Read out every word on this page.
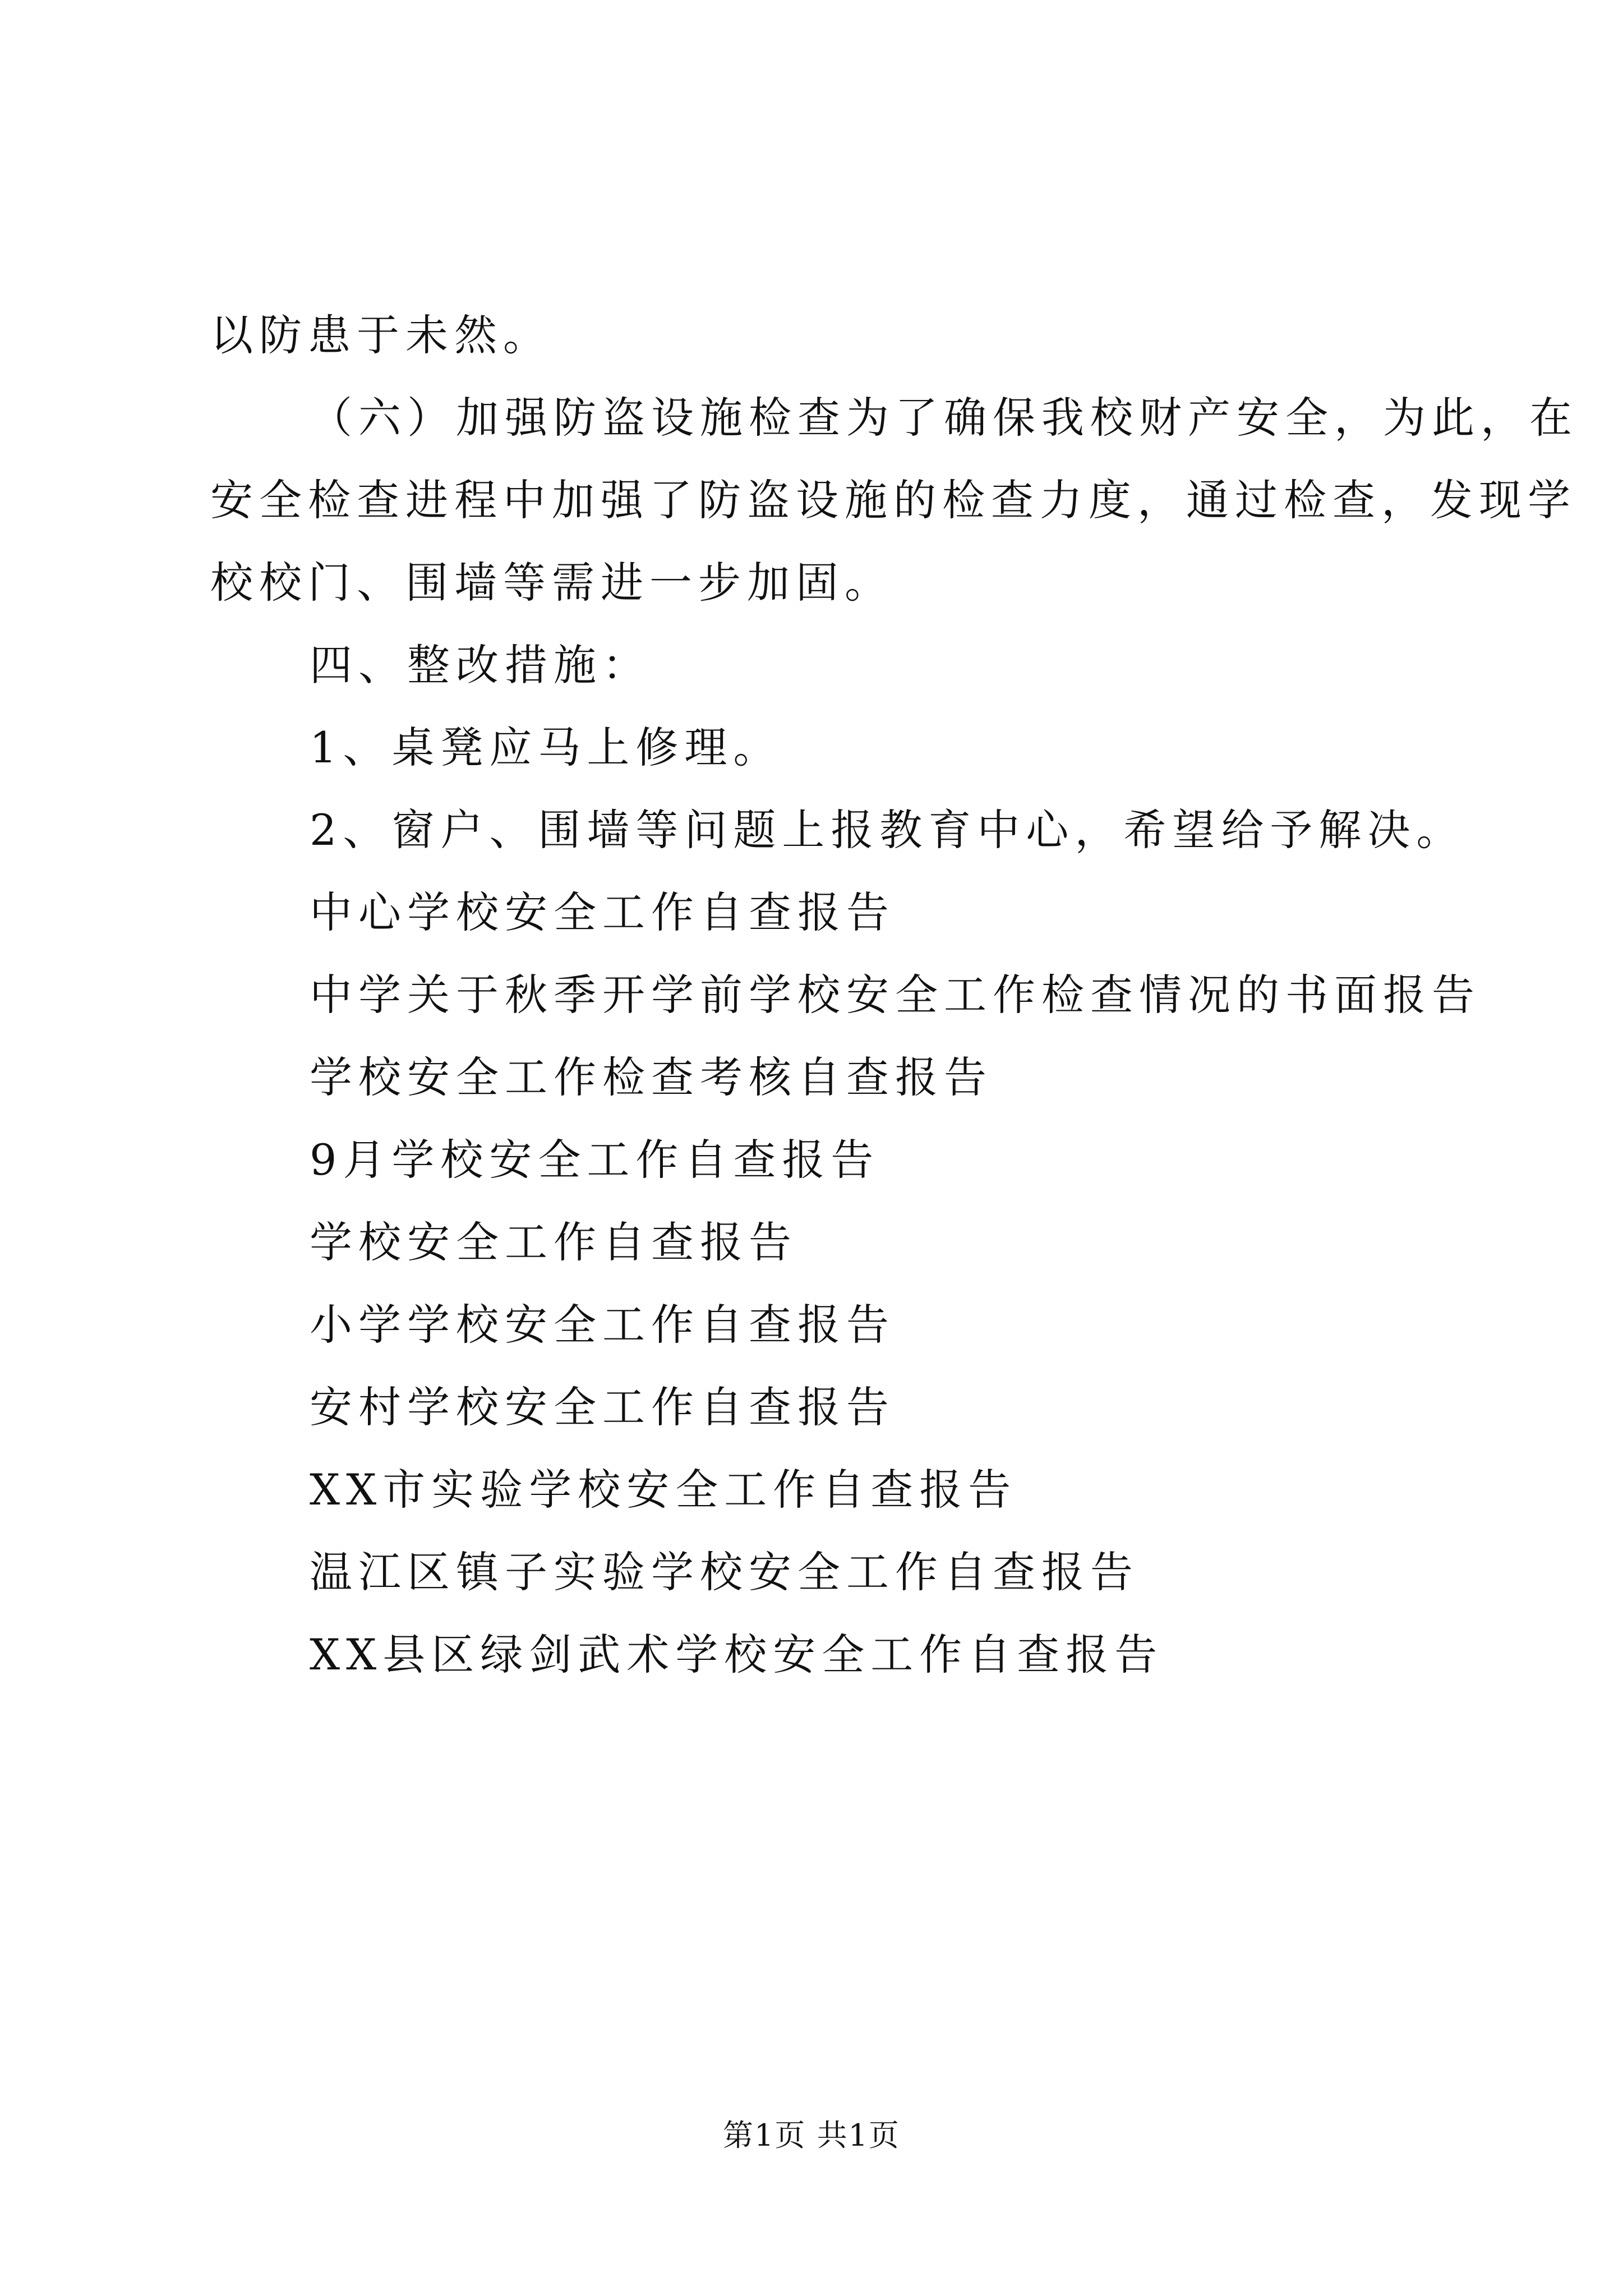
以防患于未然。
（六）加强防盗设施检查为了确保我校财产安全，为此，在
安全检查进程中加强了防盗设施的检查力度，通过检查，发现学
校校门、围墙等需进一步加固。
四、整改措施：
1、桌凳应马上修理。
2、窗户、围墙等问题上报教育中心，希望给予解决。
中心学校安全工作自查报告
中学关于秋季开学前学校安全工作检查情况的书面报告
学校安全工作检查考核自查报告
9月学校安全工作自查报告
学校安全工作自查报告
小学学校安全工作自查报告
安村学校安全工作自查报告
XX市实验学校安全工作自查报告
温江区镇子实验学校安全工作自查报告
XX县区绿剑武术学校安全工作自查报告
第1页 共1页
